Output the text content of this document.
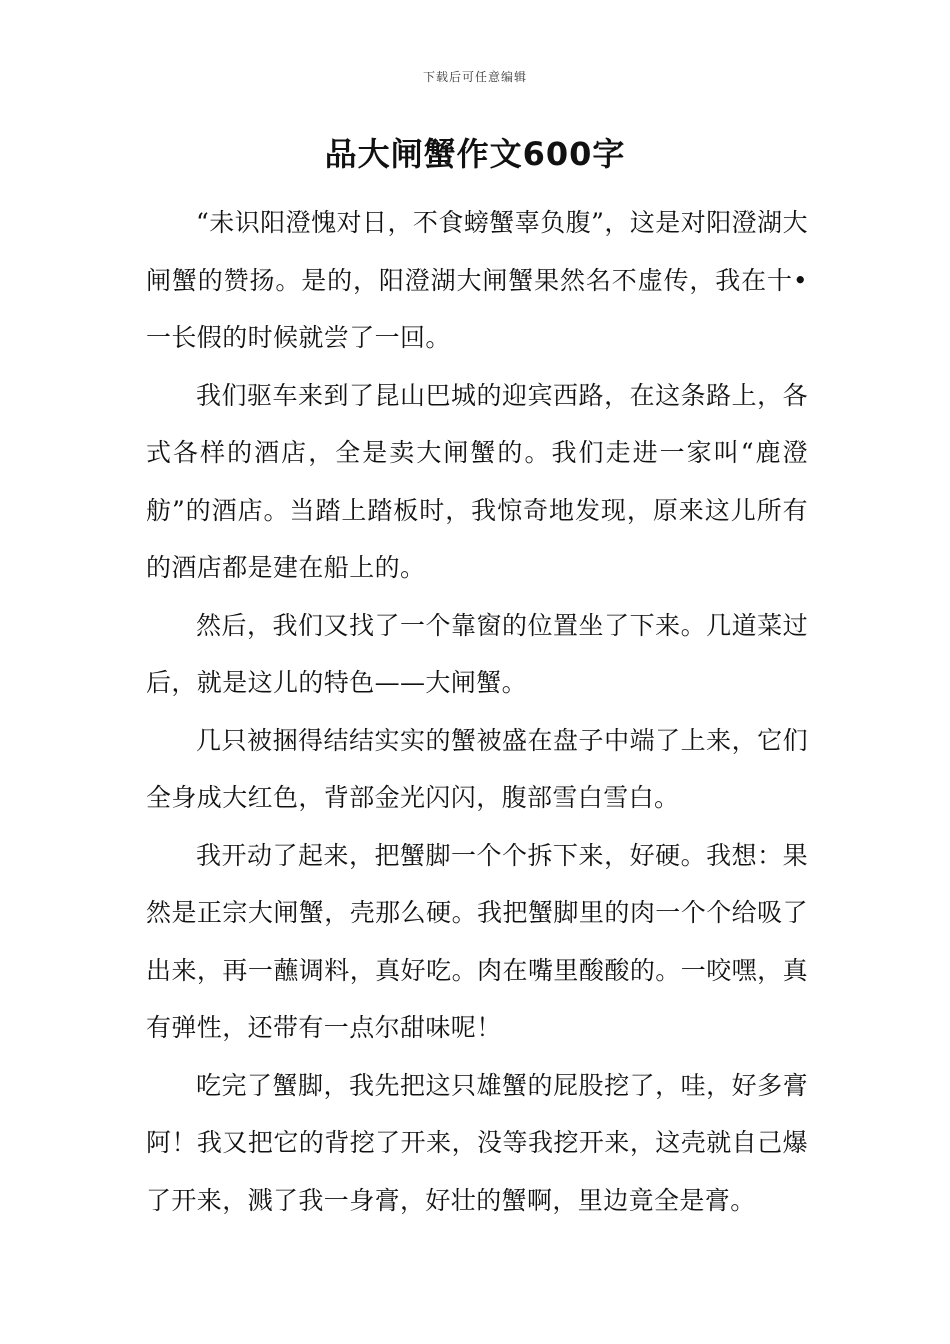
下载后可任意编辑
品大闸蟹作文600字

“未识阳澄愧对日，不食螃蟹辜负腹”，这是对阳澄湖大闸蟹的赞扬。是的，阳澄湖大闸蟹果然名不虚传，我在十•一长假的时候就尝了一回。

我们驱车来到了昆山巴城的迎宾西路，在这条路上，各式各样的酒店，全是卖大闸蟹的。我们走进一家叫“鹿澄舫”的酒店。当踏上踏板时，我惊奇地发现，原来这儿所有的酒店都是建在船上的。

然后，我们又找了一个靠窗的位置坐了下来。几道菜过后，就是这儿的特色——大闸蟹。

几只被捆得结结实实的蟹被盛在盘子中端了上来，它们全身成大红色，背部金光闪闪，腹部雪白雪白。

我开动了起来，把蟹脚一个个拆下来，好硬。我想：果然是正宗大闸蟹，壳那么硬。我把蟹脚里的肉一个个给吸了出来，再一蘸调料，真好吃。肉在嘴里酸酸的。一咬嘿，真有弹性，还带有一点尔甜味呢！

吃完了蟹脚，我先把这只雄蟹的屁股挖了，哇，好多膏阿！我又把它的背挖了开来，没等我挖开来，这壳就自己爆了开来，溅了我一身膏，好壮的蟹啊，里边竟全是膏。
